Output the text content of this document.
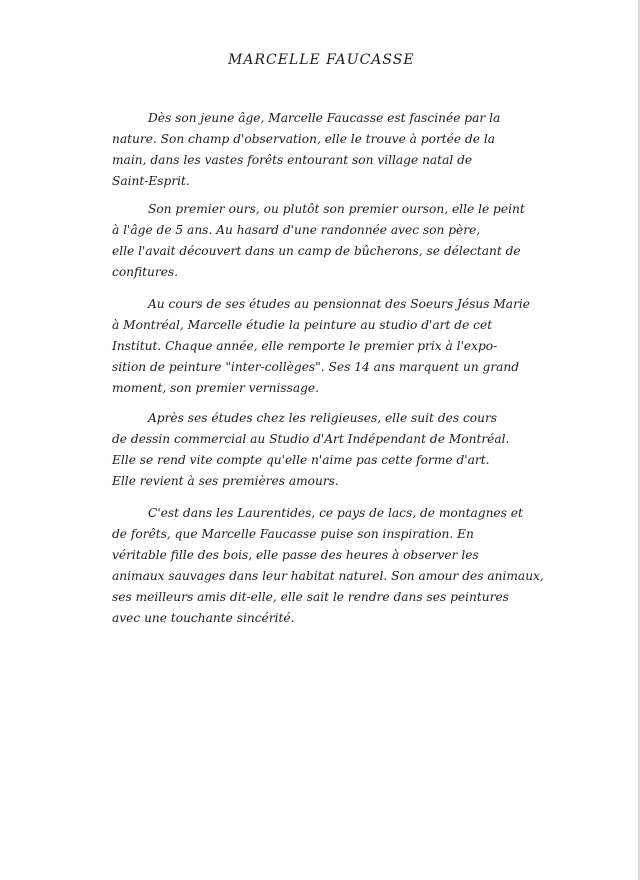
MARCELLE FAUCASSE
Dès son jeune âge, Marcelle Faucasse est fascinée par la
nature. Son champ d'observation, elle le trouve à portée de la
main, dans les vastes forêts entourant son village natal de
Saint-Esprit.
Son premier ours, ou plutôt son premier ourson, elle le peint
à l'âge de 5 ans. Au hasard d'une randonnée avec son père,
elle l'avait découvert dans un camp de bûcherons, se délectant de
confitures.
Au cours de ses études au pensionnat des Soeurs Jésus Marie
à Montréal, Marcelle étudie la peinture au studio d'art de cet
Institut. Chaque année, elle remporte le premier prix à l'expo-
sition de peinture "inter-collèges". Ses 14 ans marquent un grand
moment, son premier vernissage.
Après ses études chez les religieuses, elle suit des cours
de dessin commercial au Studio d'Art Indépendant de Montréal.
Elle se rend vite compte qu'elle n'aime pas cette forme d'art.
Elle revient à ses premières amours.
C'est dans les Laurentides, ce pays de lacs, de montagnes et
de forêts, que Marcelle Faucasse puise son inspiration. En
véritable fille des bois, elle passe des heures à observer les
animaux sauvages dans leur habitat naturel. Son amour des animaux,
ses meilleurs amis dit-elle, elle sait le rendre dans ses peintures
avec une touchante sincérité.
